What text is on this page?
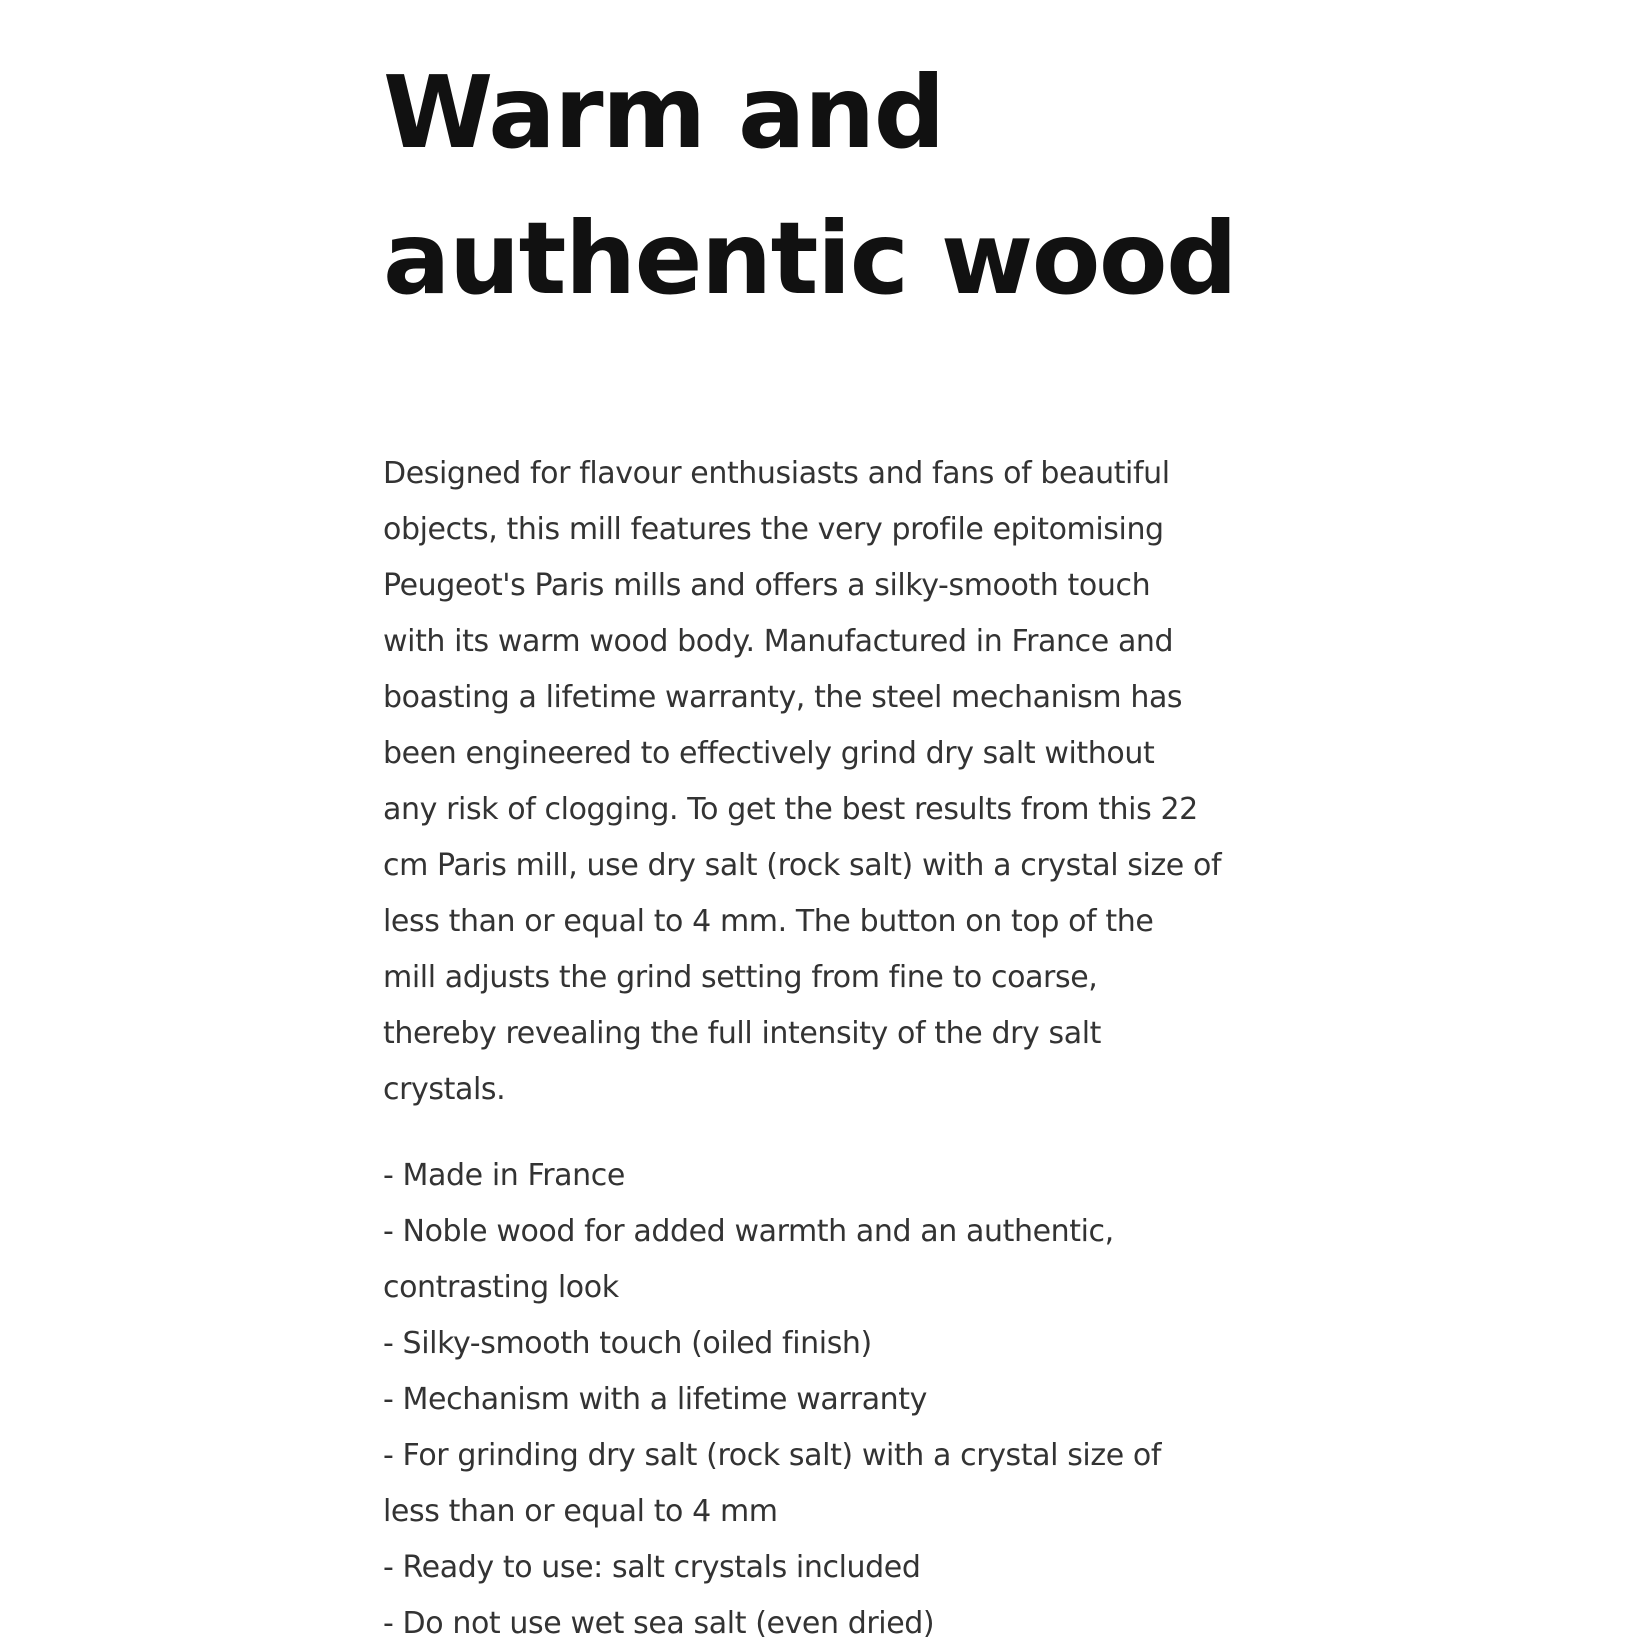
Warm and
authentic wood

Designed for flavour enthusiasts and fans of beautiful
objects, this mill features the very profile epitomising
Peugeot's Paris mills and offers a silky-smooth touch
with its warm wood body. Manufactured in France and
boasting a lifetime warranty, the steel mechanism has
been engineered to effectively grind dry salt without
any risk of clogging. To get the best results from this 22
cm Paris mill, use dry salt (rock salt) with a crystal size of
less than or equal to 4 mm. The button on top of the
mill adjusts the grind setting from fine to coarse,
thereby revealing the full intensity of the dry salt
crystals.

- Made in France
- Noble wood for added warmth and an authentic,
contrasting look
- Silky-smooth touch (oiled finish)
- Mechanism with a lifetime warranty
- For grinding dry salt (rock salt) with a crystal size of
less than or equal to 4 mm
- Ready to use: salt crystals included
- Do not use wet sea salt (even dried)
